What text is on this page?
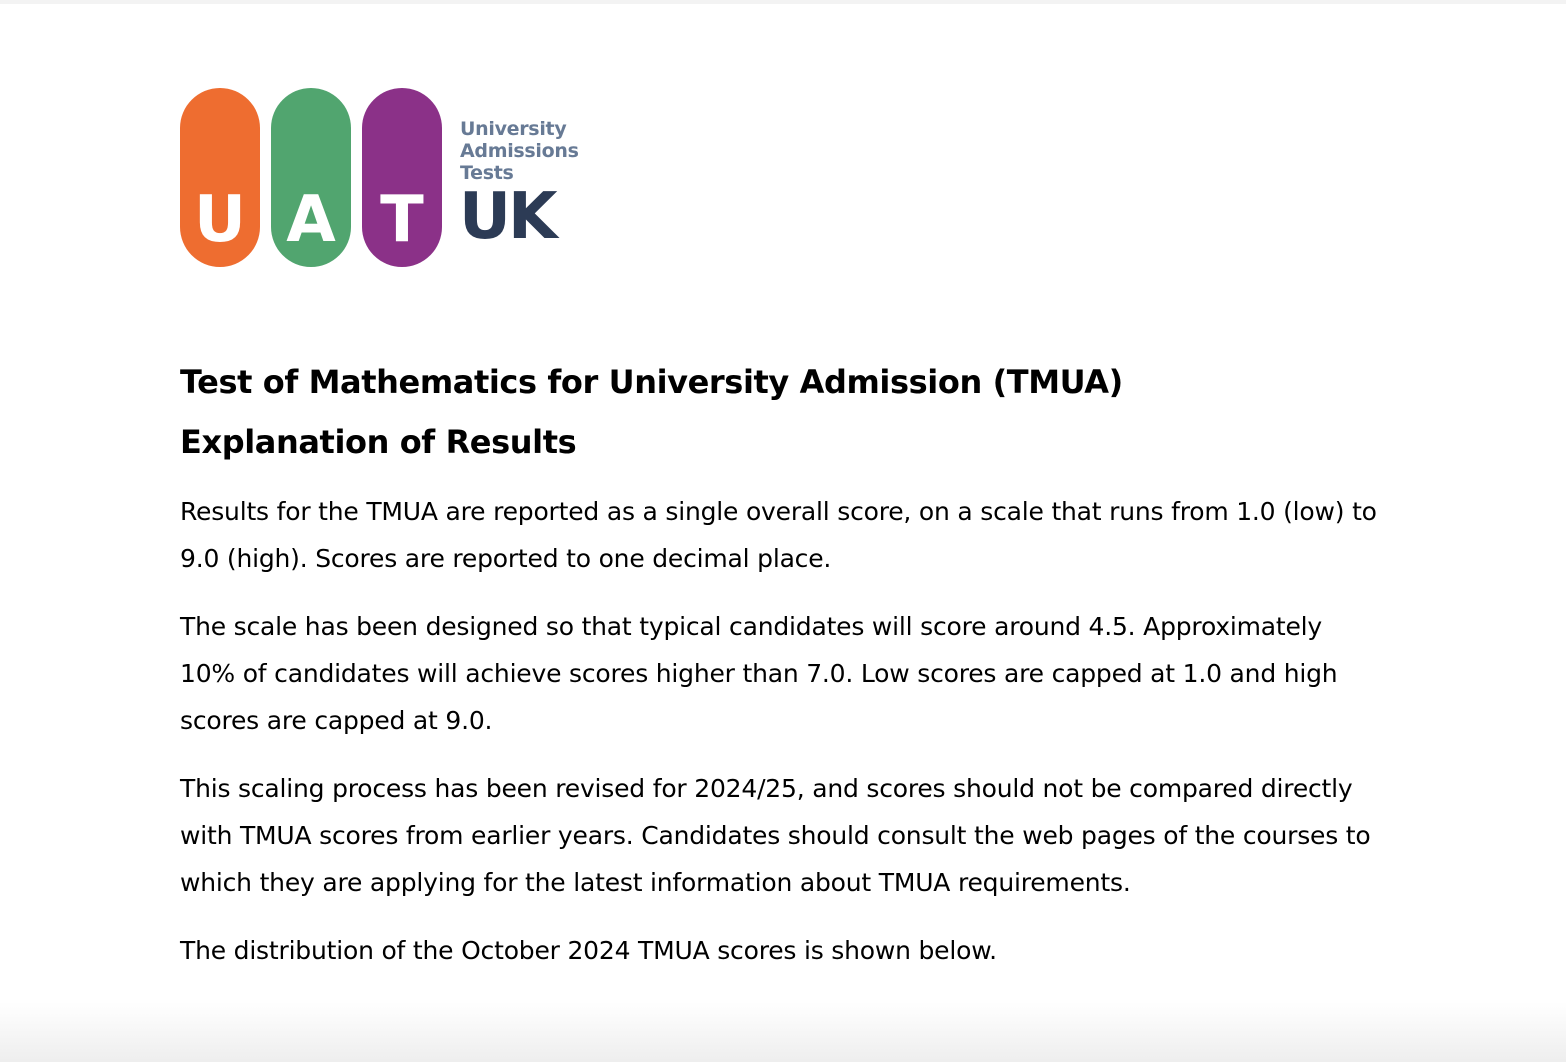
U A T
University
Admissions
Tests
UK
Test of Mathematics for University Admission (TMUA)
Explanation of Results

Results for the TMUA are reported as a single overall score, on a scale that runs from 1.0 (low) to 9.0 (high). Scores are reported to one decimal place.

The scale has been designed so that typical candidates will score around 4.5. Approximately 10% of candidates will achieve scores higher than 7.0. Low scores are capped at 1.0 and high scores are capped at 9.0.

This scaling process has been revised for 2024/25, and scores should not be compared directly with TMUA scores from earlier years. Candidates should consult the web pages of the courses to which they are applying for the latest information about TMUA requirements.

The distribution of the October 2024 TMUA scores is shown below.
